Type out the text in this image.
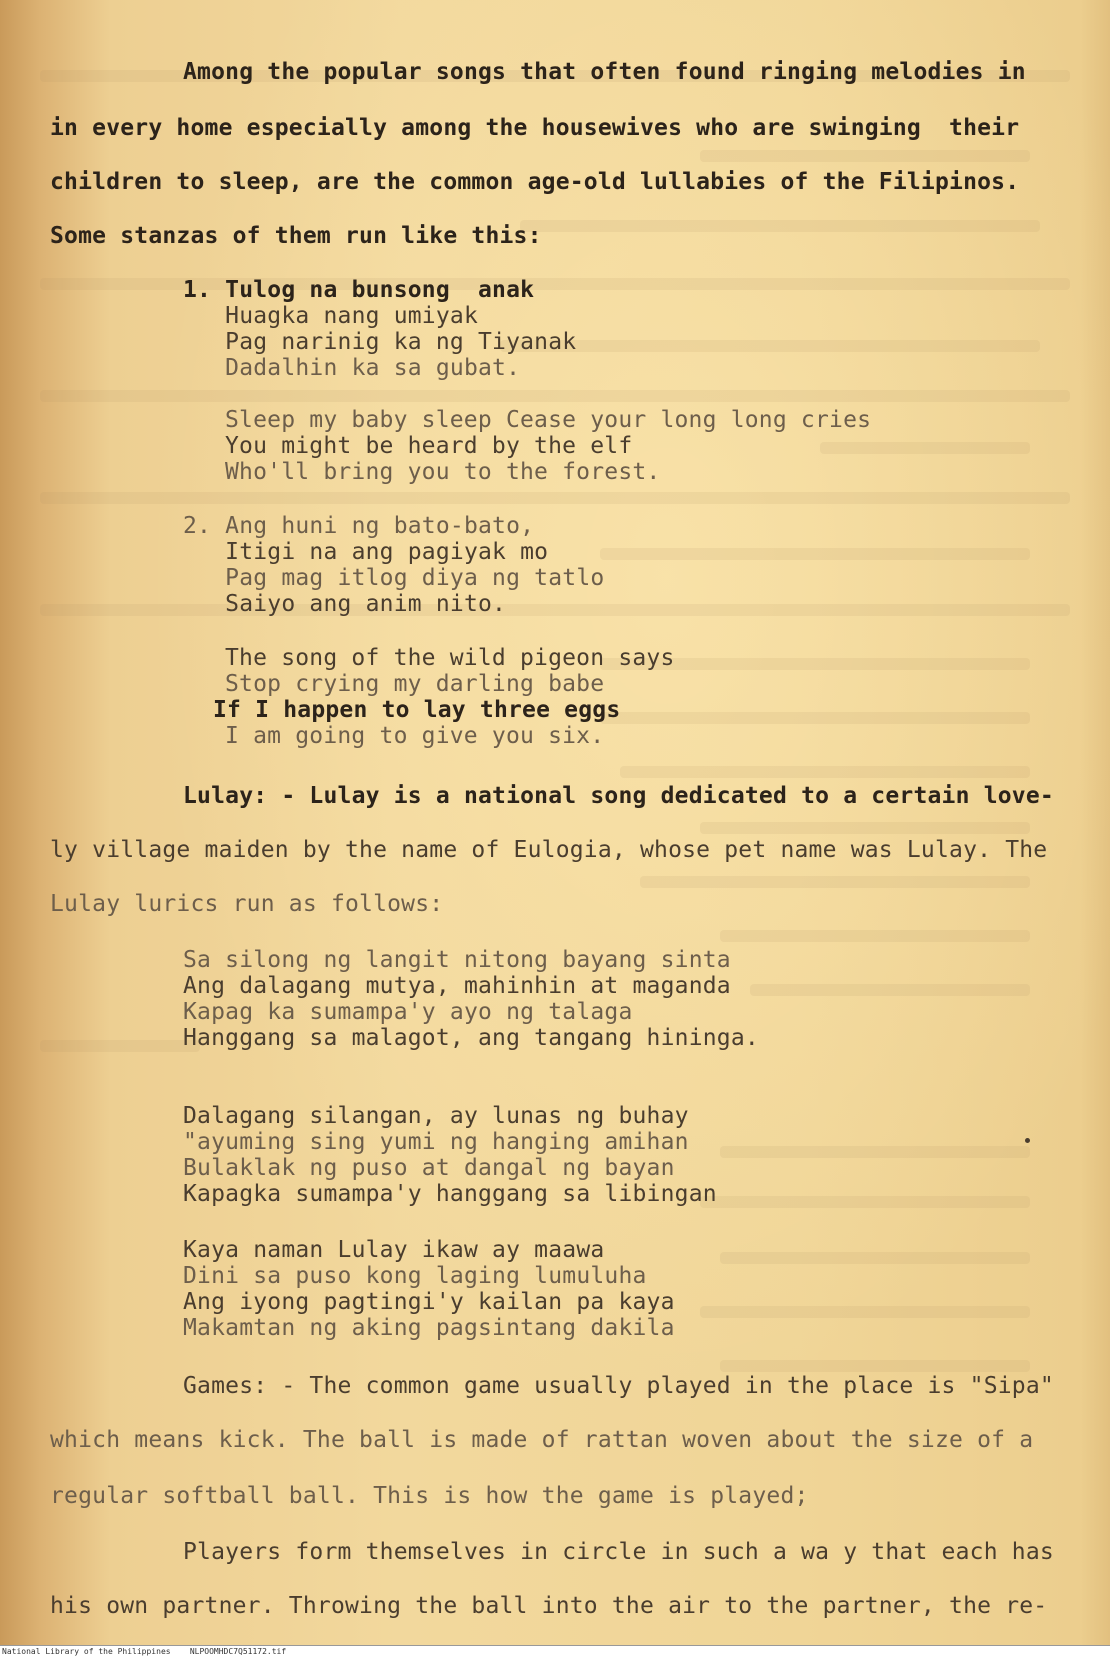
Among the popular songs that often found ringing melodies in
in every home especially among the housewives who are swinging  their
children to sleep, are the common age-old lullabies of the Filipinos.
Some stanzas of them run like this:
1. Tulog na bunsong  anak
Huagka nang umiyak
Pag narinig ka ng Tiyanak
Dadalhin ka sa gubat.
Sleep my baby sleep Cease your long long cries
You might be heard by the elf
Who'll bring you to the forest.
2. Ang huni ng bato-bato,
Itigi na ang pagiyak mo
Pag mag itlog diya ng tatlo
Saiyo ang anim nito.
The song of the wild pigeon says
Stop crying my darling babe
If I happen to lay three eggs
I am going to give you six.
Lulay: - Lulay is a national song dedicated to a certain love-
ly village maiden by the name of Eulogia, whose pet name was Lulay. The
Lulay lurics run as follows:
Sa silong ng langit nitong bayang sinta
Ang dalagang mutya, mahinhin at maganda
Kapag ka sumampa'y ayo ng talaga
Hanggang sa malagot, ang tangang hininga.
Dalagang silangan, ay lunas ng buhay
"ayuming sing yumi ng hanging amihan
Bulaklak ng puso at dangal ng bayan
Kapagka sumampa'y hanggang sa libingan
Kaya naman Lulay ikaw ay maawa
Dini sa puso kong laging lumuluha
Ang iyong pagtingi'y kailan pa kaya
Makamtan ng aking pagsintang dakila
Games: - The common game usually played in the place is "Sipa"
which means kick. The ball is made of rattan woven about the size of a
regular softball ball. This is how the game is played;
Players form themselves in circle in such a wa y that each has
his own partner. Throwing the ball into the air to the partner, the re-
National Library of the Philippines    NLPOOMHDC7Q51172.tif
